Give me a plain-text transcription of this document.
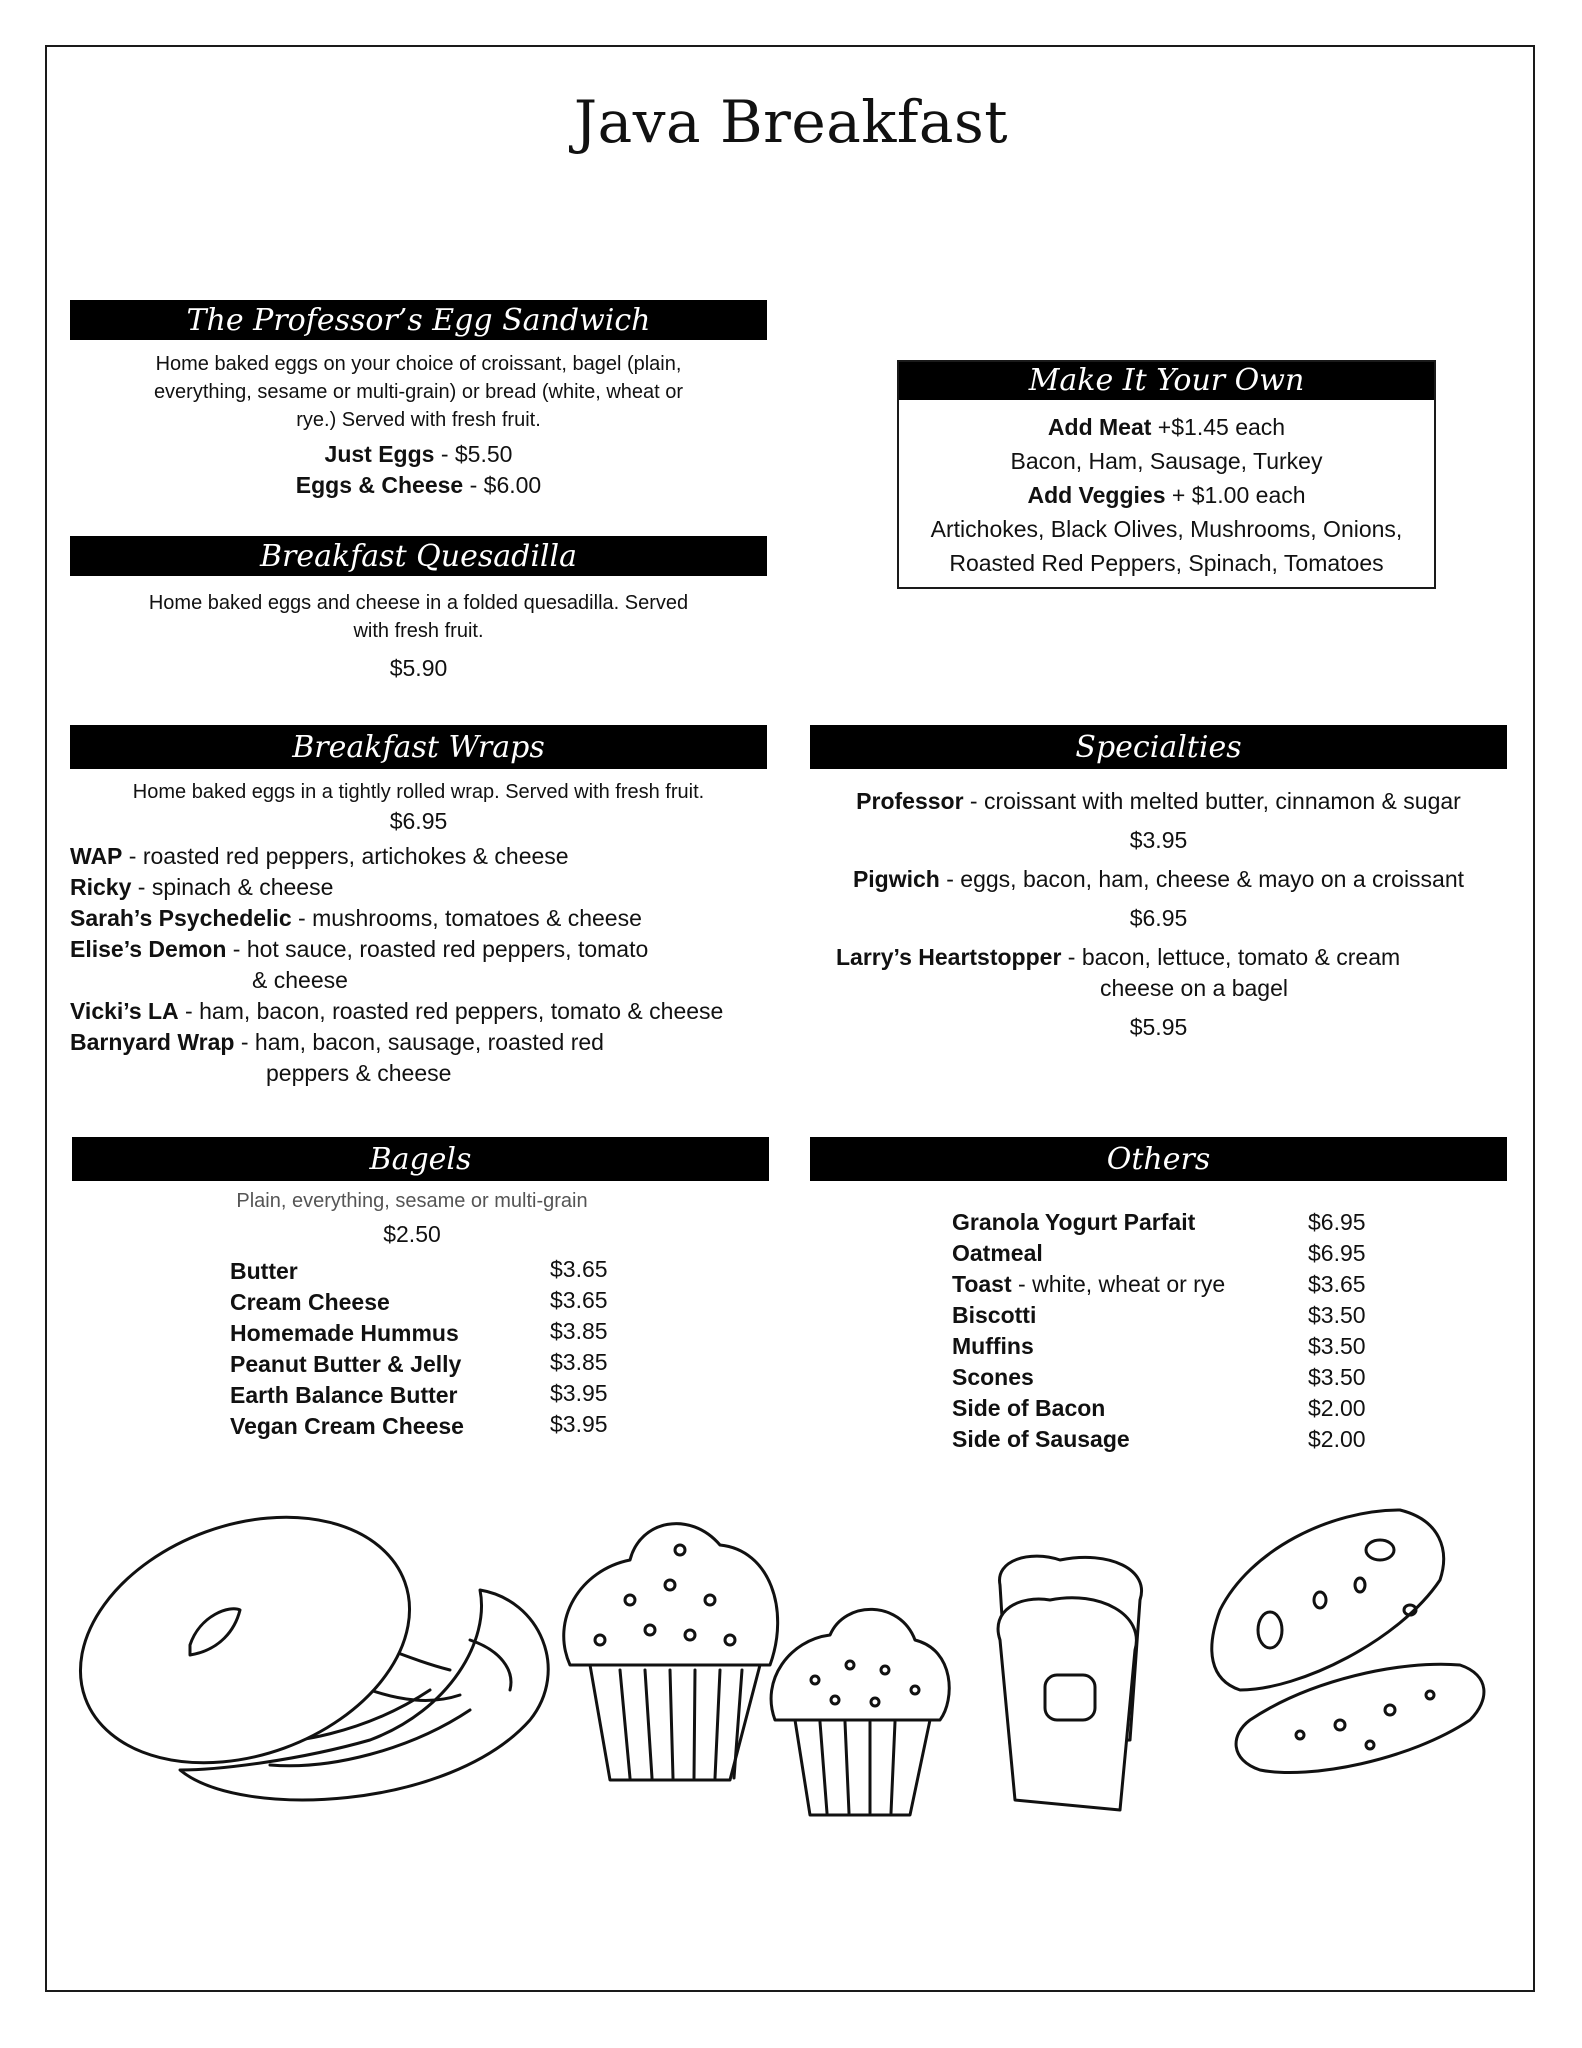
Java Breakfast
The Professor’s Egg Sandwich
Home baked eggs on your choice of croissant, bagel (plain,
everything, sesame or multi-grain) or bread (white, wheat or
rye.) Served with fresh fruit.
Just Eggs - $5.50
Eggs & Cheese - $6.00
Breakfast Quesadilla
Home baked eggs and cheese in a folded quesadilla. Served
with fresh fruit.
$5.90
Make It Your Own
Add Meat +$1.45 each
Bacon, Ham, Sausage, Turkey
Add Veggies + $1.00 each
Artichokes, Black Olives, Mushrooms, Onions,
Roasted Red Peppers, Spinach, Tomatoes
Breakfast Wraps
Home baked eggs in a tightly rolled wrap. Served with fresh fruit.
$6.95
WAP - roasted red peppers, artichokes & cheese
Ricky - spinach & cheese
Sarah’s Psychedelic - mushrooms, tomatoes & cheese
Elise’s Demon - hot sauce, roasted red peppers, tomato
& cheese
Vicki’s LA - ham, bacon, roasted red peppers, tomato & cheese
Barnyard Wrap - ham, bacon, sausage, roasted red
peppers & cheese
Specialties
Professor - croissant with melted butter, cinnamon & sugar
$3.95
Pigwich - eggs, bacon, ham, cheese & mayo on a croissant
$6.95
Larry’s Heartstopper - bacon, lettuce, tomato & cream
cheese on a bagel
$5.95
Bagels
Plain, everything, sesame or multi-grain
$2.50
Butter	$3.65
Cream Cheese	$3.65
Homemade Hummus	$3.85
Peanut Butter & Jelly	$3.85
Earth Balance Butter	$3.95
Vegan Cream Cheese	$3.95
Others
Granola Yogurt Parfait	$6.95
Oatmeal	$6.95
Toast - white, wheat or rye	$3.65
Biscotti	$3.50
Muffins	$3.50
Scones	$3.50
Side of Bacon	$2.00
Side of Sausage	$2.00
